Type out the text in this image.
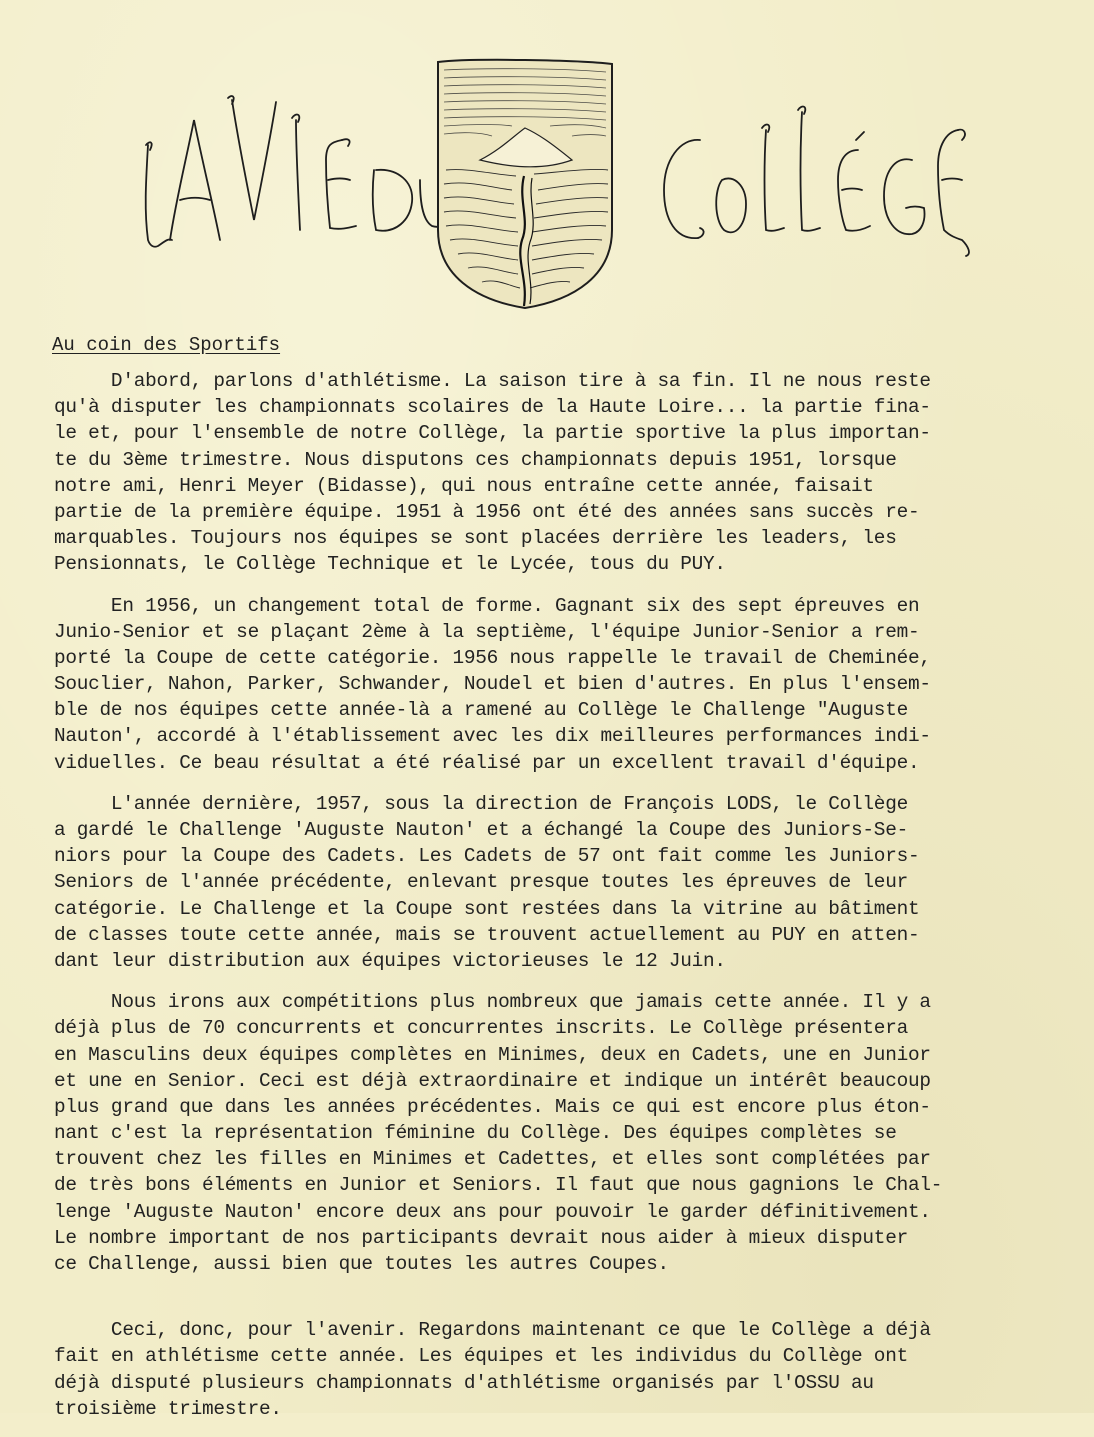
Au coin des Sportifs
D'abord, parlons d'athlétisme. La saison tire à sa fin. Il ne nous reste
qu'à disputer les championnats scolaires de la Haute Loire... la partie fina-
le et, pour l'ensemble de notre Collège, la partie sportive la plus importan-
te du 3ème trimestre. Nous disputons ces championnats depuis 1951, lorsque
notre ami, Henri Meyer (Bidasse), qui nous entraîne cette année, faisait
partie de la première équipe. 1951 à 1956 ont été des années sans succès re-
marquables. Toujours nos équipes se sont placées derrière les leaders, les
Pensionnats, le Collège Technique et le Lycée, tous du PUY.
En 1956, un changement total de forme. Gagnant six des sept épreuves en
Junio-Senior et se plaçant 2ème à la septième, l'équipe Junior-Senior a rem-
porté la Coupe de cette catégorie. 1956 nous rappelle le travail de Cheminée,
Souclier, Nahon, Parker, Schwander, Noudel et bien d'autres. En plus l'ensem-
ble de nos équipes cette année-là a ramené au Collège le Challenge "Auguste
Nauton', accordé à l'établissement avec les dix meilleures performances indi-
viduelles. Ce beau résultat a été réalisé par un excellent travail d'équipe.
L'année dernière, 1957, sous la direction de François LODS, le Collège
a gardé le Challenge 'Auguste Nauton' et a échangé la Coupe des Juniors-Se-
niors pour la Coupe des Cadets. Les Cadets de 57 ont fait comme les Juniors-
Seniors de l'année précédente, enlevant presque toutes les épreuves de leur
catégorie. Le Challenge et la Coupe sont restées dans la vitrine au bâtiment
de classes toute cette année, mais se trouvent actuellement au PUY en atten-
dant leur distribution aux équipes victorieuses le 12 Juin.
Nous irons aux compétitions plus nombreux que jamais cette année. Il y a
déjà plus de 70 concurrents et concurrentes inscrits. Le Collège présentera
en Masculins deux équipes complètes en Minimes, deux en Cadets, une en Junior
et une en Senior. Ceci est déjà extraordinaire et indique un intérêt beaucoup
plus grand que dans les années précédentes. Mais ce qui est encore plus éton-
nant c'est la représentation féminine du Collège. Des équipes complètes se
trouvent chez les filles en Minimes et Cadettes, et elles sont complétées par
de très bons éléments en Junior et Seniors. Il faut que nous gagnions le Chal-
lenge 'Auguste Nauton' encore deux ans pour pouvoir le garder définitivement.
Le nombre important de nos participants devrait nous aider à mieux disputer
ce Challenge, aussi bien que toutes les autres Coupes.
Ceci, donc, pour l'avenir. Regardons maintenant ce que le Collège a déjà
fait en athlétisme cette année. Les équipes et les individus du Collège ont
déjà disputé plusieurs championnats d'athlétisme organisés par l'OSSU au
troisième trimestre.
